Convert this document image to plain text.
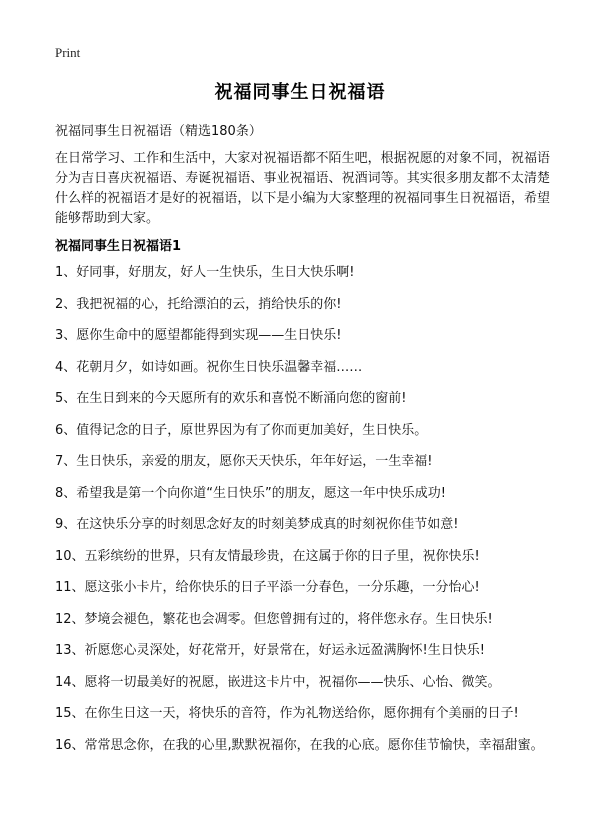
Print
祝福同事生日祝福语
祝福同事生日祝福语（精选180条）
在日常学习、工作和生活中，大家对祝福语都不陌生吧，根据祝愿的对象不同，祝福语分为吉日喜庆祝福语、寿诞祝福语、事业祝福语、祝酒词等。其实很多朋友都不太清楚什么样的祝福语才是好的祝福语，以下是小编为大家整理的祝福同事生日祝福语，希望能够帮助到大家。
祝福同事生日祝福语1
1、好同事，好朋友，好人一生快乐，生日大快乐啊!
2、我把祝福的心，托给漂泊的云，捎给快乐的你!
3、愿你生命中的愿望都能得到实现——生日快乐!
4、花朝月夕，如诗如画。祝你生日快乐温馨幸福……
5、在生日到来的今天愿所有的欢乐和喜悦不断涌向您的窗前!
6、值得记念的日子，原世界因为有了你而更加美好，生日快乐。
7、生日快乐，亲爱的朋友，愿你天天快乐，年年好运，一生幸福!
8、希望我是第一个向你道“生日快乐”的朋友，愿这一年中快乐成功!
9、在这快乐分享的时刻思念好友的时刻美梦成真的时刻祝你佳节如意!
10、五彩缤纷的世界，只有友情最珍贵，在这属于你的日子里，祝你快乐!
11、愿这张小卡片，给你快乐的日子平添一分春色，一分乐趣，一分怡心!
12、梦境会褪色，繁花也会凋零。但您曾拥有过的，将伴您永存。生日快乐!
13、祈愿您心灵深处，好花常开，好景常在，好运永远盈满胸怀!生日快乐!
14、愿将一切最美好的祝愿，嵌进这卡片中，祝福你——快乐、心怡、微笑。
15、在你生日这一天，将快乐的音符，作为礼物送给你，愿你拥有个美丽的日子!
16、常常思念你，在我的心里,默默祝福你，在我的心底。愿你佳节愉快，幸福甜蜜。
